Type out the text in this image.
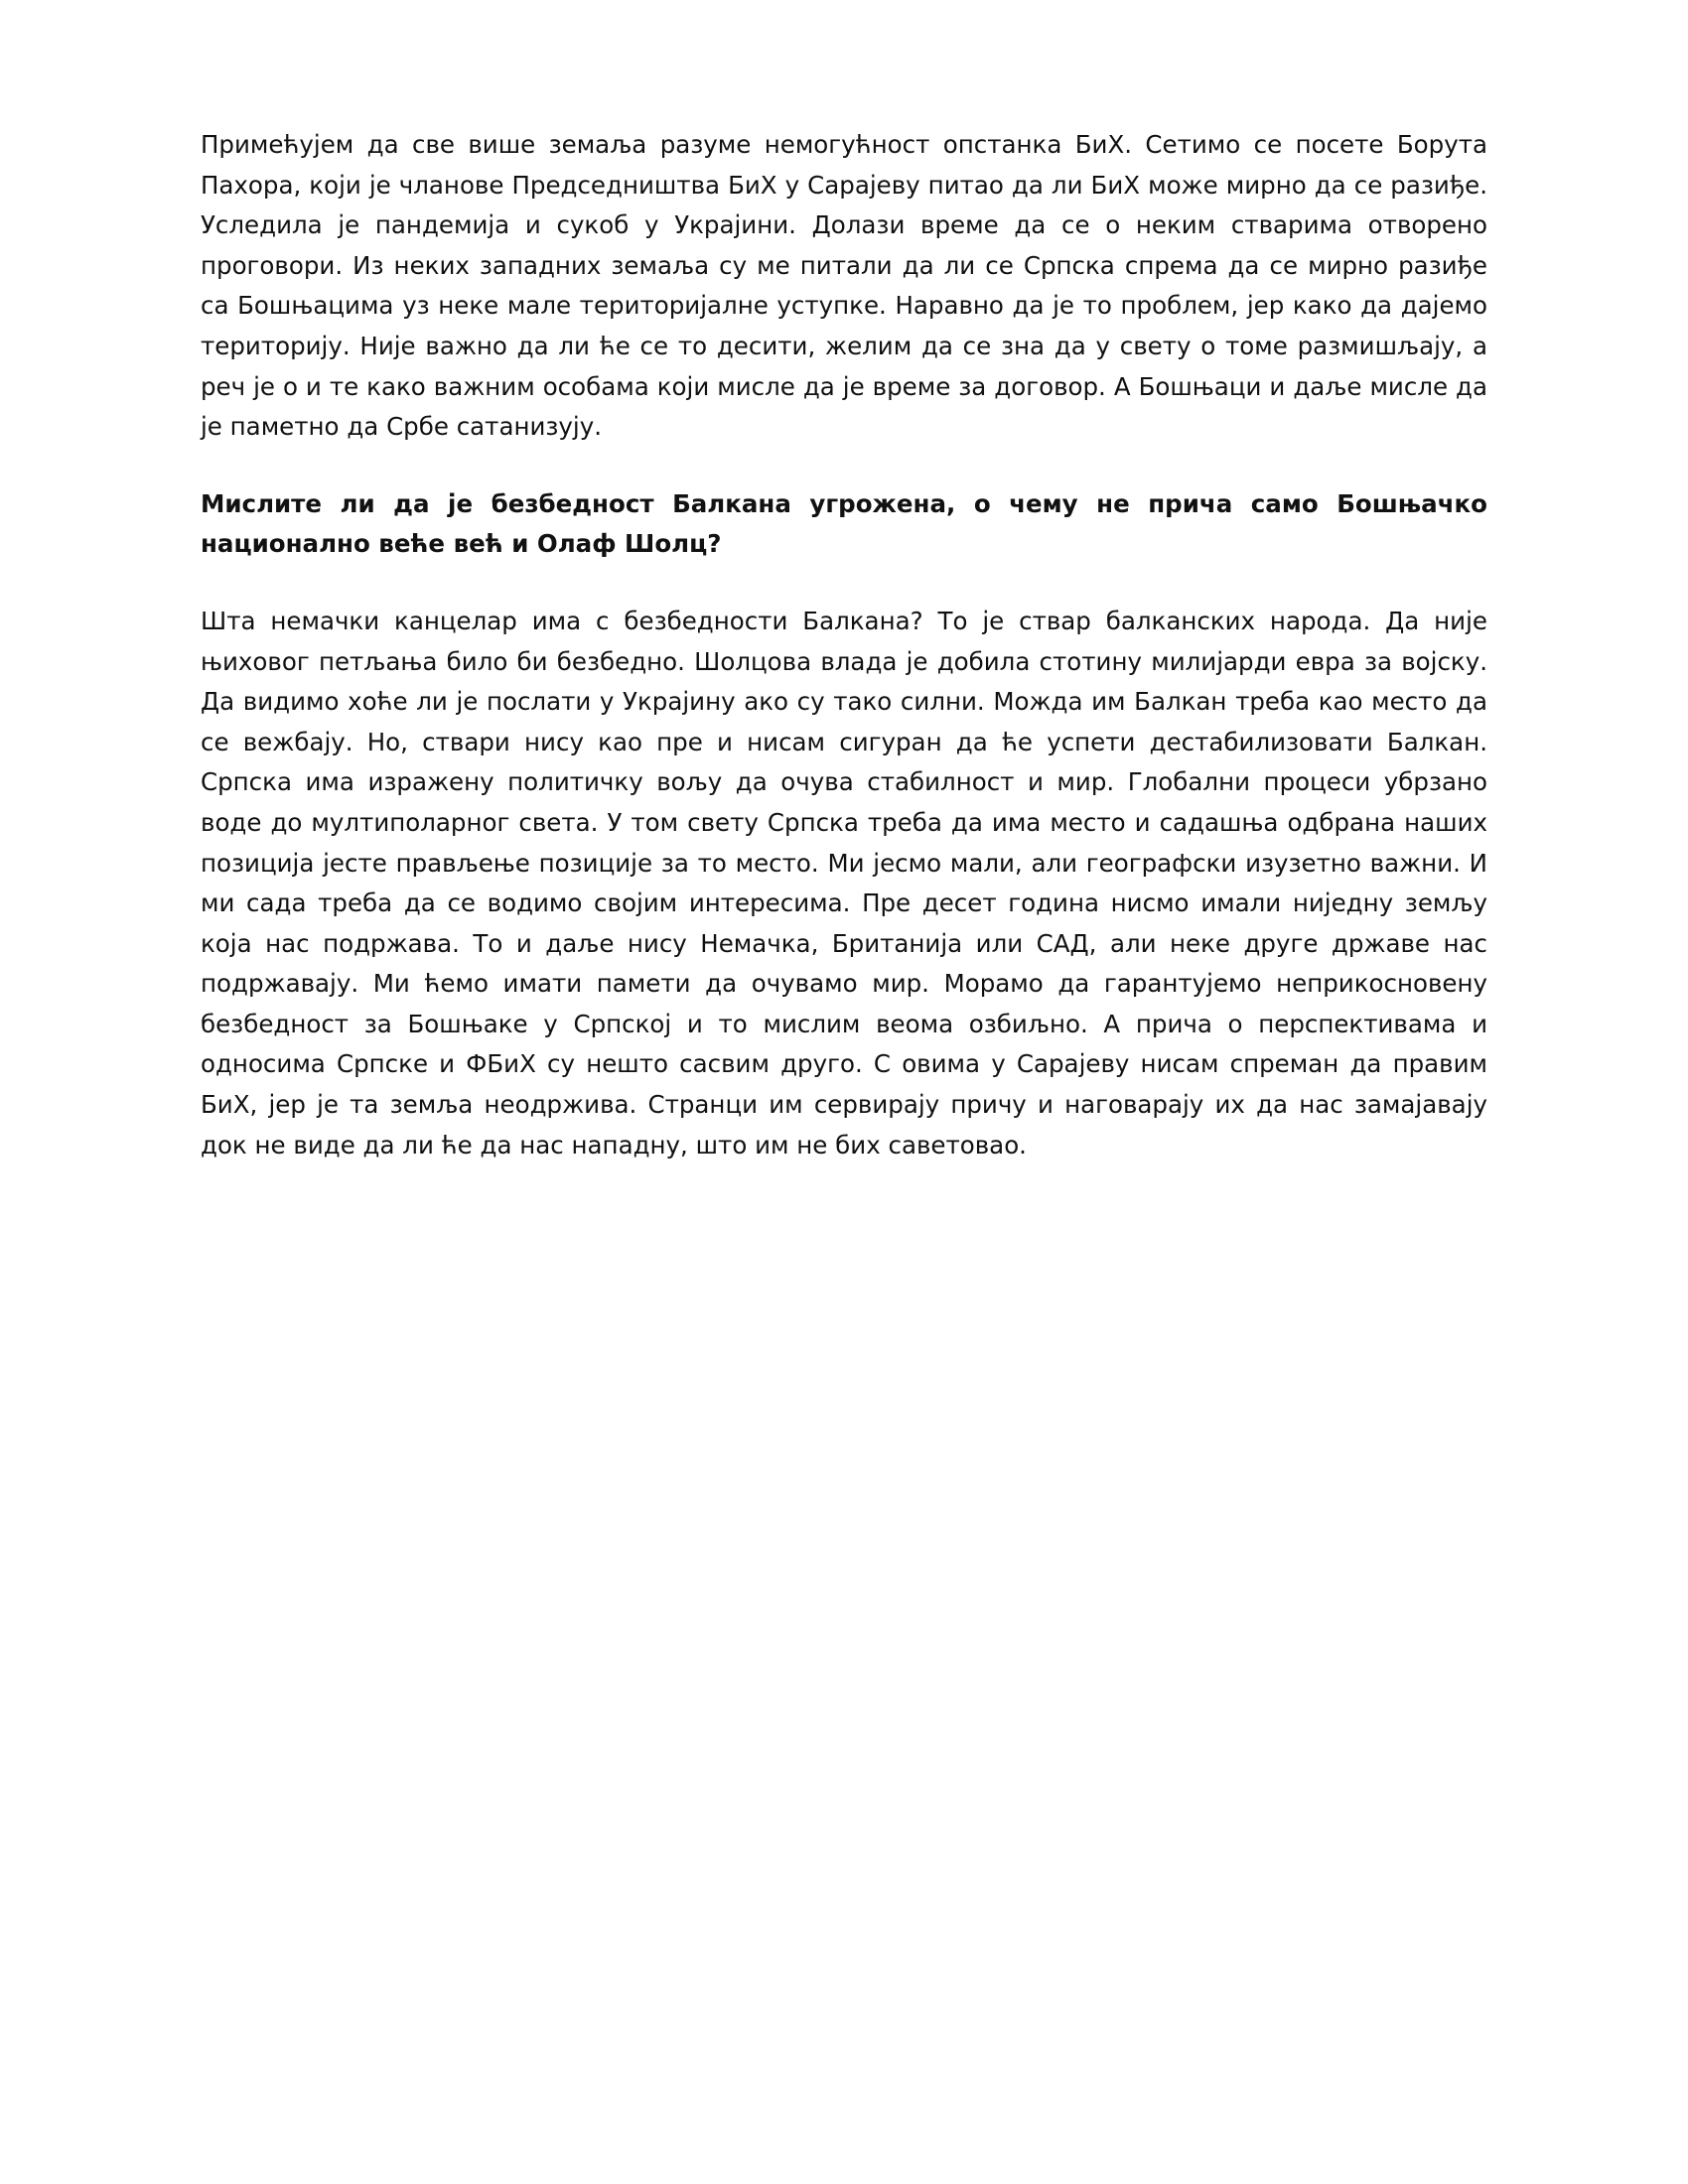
Примећујем да све више земаља разуме немогућност опстанка БиХ. Сетимо се посете Борута Пахора, који је чланове Председништва БиХ у Сарајеву питао да ли БиХ може мирно да се разиђе. Уследила је пандемија и сукоб у Украјини. Долази време да се о неким стварима отворено проговори. Из неких западних земаља су ме питали да ли се Српска спрема да се мирно разиђе са Бошњацима уз неке мале територијалне уступке. Наравно да је то проблем, јер како да дајемо територију. Није важно да ли ће се то десити, желим да се зна да у свету о томе размишљају, а реч је о и те како важним особама који мисле да је време за договор. А Бошњаци и даље мисле да је паметно да Србе сатанизују.

Мислите ли да је безбедност Балкана угрожена, о чему не прича само Бошњачко национално веће већ и Олаф Шолц?

Шта немачки канцелар има с безбедности Балкана? То је ствар балканских народа. Да није њиховог петљања било би безбедно. Шолцова влада је добила стотину милијарди евра за војску. Да видимо хоће ли је послати у Украјину ако су тако силни. Можда им Балкан треба као место да се вежбају. Но, ствари нису као пре и нисам сигуран да ће успети дестабилизовати Балкан. Српска има изражену политичку вољу да очува стабилност и мир. Глобални процеси убрзано воде до мултиполарног света. У том свету Српска треба да има место и садашња одбрана наших позиција јесте прављење позиције за то место. Ми јесмо мали, али географски изузетно важни. И ми сада треба да се водимо својим интересима. Пре десет година нисмо имали ниједну земљу која нас подржава. То и даље нису Немачка, Британија или САД, али неке друге државе нас подржавају. Ми ћемо имати памети да очувамо мир. Морамо да гарантујемо неприкосновену безбедност за Бошњаке у Српској и то мислим веома озбиљно. А прича о перспективама и односима Српске и ФБиХ су нешто сасвим друго. С овима у Сарајеву нисам спреман да правим БиХ, јер је та земља неодржива. Странци им сервирају причу и наговарају их да нас замајавају док не виде да ли ће да нас нападну, што им не бих саветовао.
